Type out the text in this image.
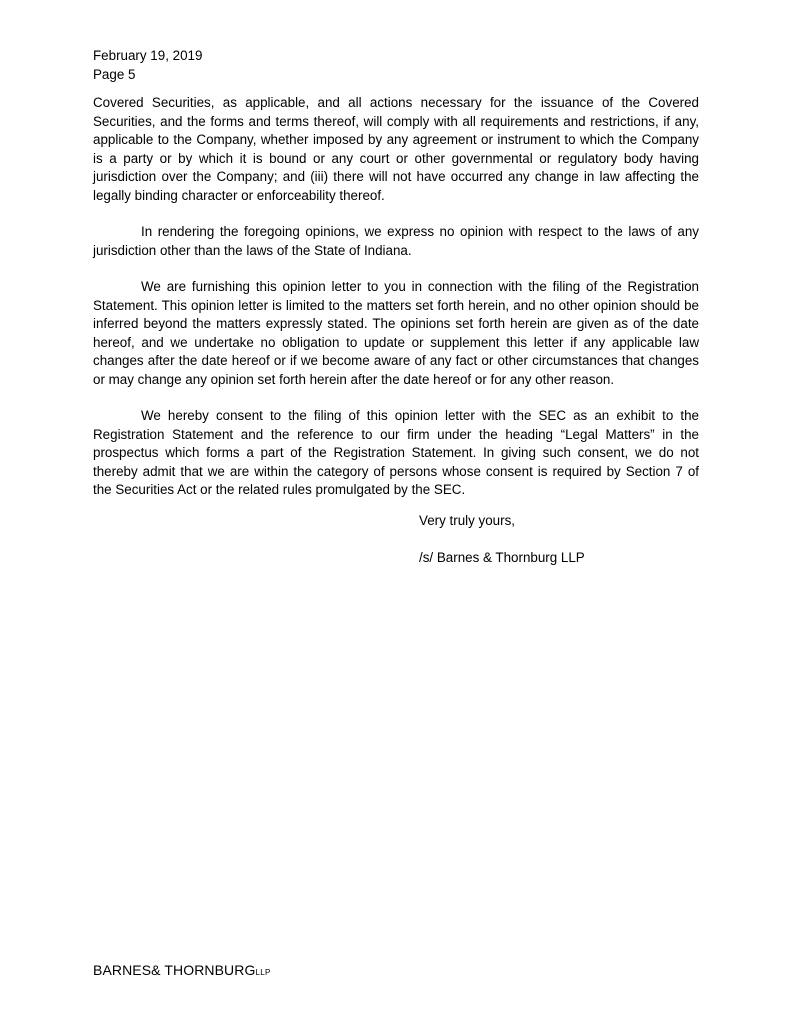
February 19, 2019
Page 5

Covered Securities, as applicable, and all actions necessary for the issuance of the Covered Securities, and the forms and terms thereof, will comply with all requirements and restrictions, if any, applicable to the Company, whether imposed by any agreement or instrument to which the Company is a party or by which it is bound or any court or other governmental or regulatory body having jurisdiction over the Company; and (iii) there will not have occurred any change in law affecting the legally binding character or enforceability thereof.

In rendering the foregoing opinions, we express no opinion with respect to the laws of any jurisdiction other than the laws of the State of Indiana.

We are furnishing this opinion letter to you in connection with the filing of the Registration Statement. This opinion letter is limited to the matters set forth herein, and no other opinion should be inferred beyond the matters expressly stated. The opinions set forth herein are given as of the date hereof, and we undertake no obligation to update or supplement this letter if any applicable law changes after the date hereof or if we become aware of any fact or other circumstances that changes or may change any opinion set forth herein after the date hereof or for any other reason.

We hereby consent to the filing of this opinion letter with the SEC as an exhibit to the Registration Statement and the reference to our firm under the heading “Legal Matters” in the prospectus which forms a part of the Registration Statement. In giving such consent, we do not thereby admit that we are within the category of persons whose consent is required by Section 7 of the Securities Act or the related rules promulgated by the SEC.

Very truly yours,
/s/ Barnes & Thornburg LLP
BARNES& THORNBURGLLP
